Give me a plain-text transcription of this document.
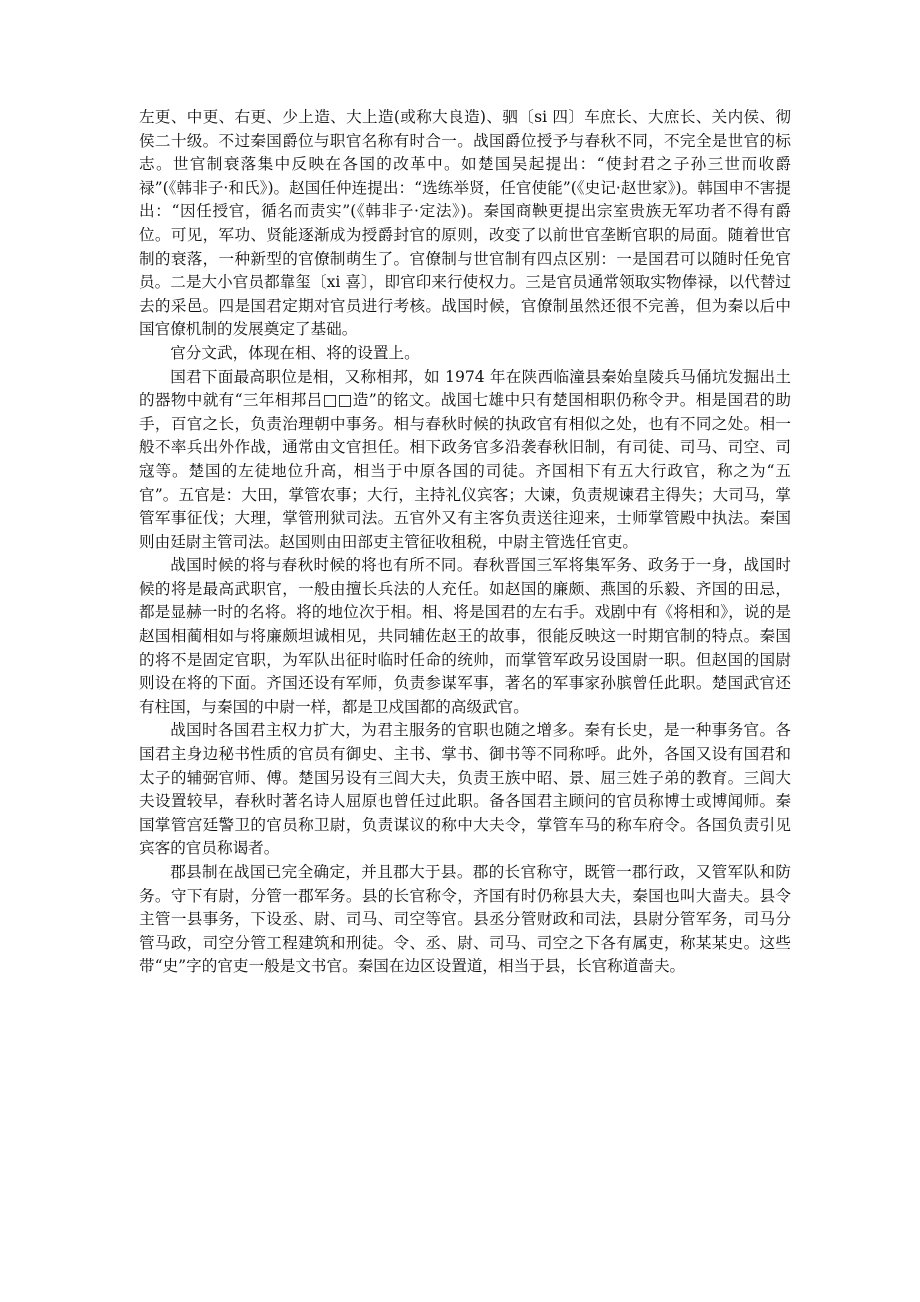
左更、中更、右更、少上造、大上造(或称大良造)、驷〔si 四〕车庶长、大庶长、关内侯、彻侯二十级。不过秦国爵位与职官名称有时合一。战国爵位授予与春秋不同，不完全是世官的标志。世官制衰落集中反映在各国的改革中。如楚国吴起提出：“使封君之子孙三世而收爵禄”(《韩非子·和氏》)。赵国任仲连提出：“选练举贤，任官使能”(《史记·赵世家》)。韩国申不害提出：“因任授官，循名而责实”(《韩非子·定法》)。秦国商鞅更提出宗室贵族无军功者不得有爵位。可见，军功、贤能逐渐成为授爵封官的原则，改变了以前世官垄断官职的局面。随着世官制的衰落，一种新型的官僚制萌生了。官僚制与世官制有四点区别：一是国君可以随时任免官员。二是大小官员都靠玺〔xi 喜〕，即官印来行使权力。三是官员通常领取实物俸禄，以代替过去的采邑。四是国君定期对官员进行考核。战国时候，官僚制虽然还很不完善，但为秦以后中国官僚机制的发展奠定了基础。

官分文武，体现在相、将的设置上。

国君下面最高职位是相，又称相邦，如 1974 年在陕西临潼县秦始皇陵兵马俑坑发掘出土的器物中就有“三年相邦吕□□造”的铭文。战国七雄中只有楚国相职仍称令尹。相是国君的助手，百官之长，负责治理朝中事务。相与春秋时候的执政官有相似之处，也有不同之处。相一般不率兵出外作战，通常由文官担任。相下政务官多沿袭春秋旧制，有司徒、司马、司空、司寇等。楚国的左徒地位升高，相当于中原各国的司徒。齐国相下有五大行政官，称之为“五官”。五官是：大田，掌管农事；大行，主持礼仪宾客；大谏，负责规谏君主得失；大司马，掌管军事征伐；大理，掌管刑狱司法。五官外又有主客负责送往迎来，士师掌管殿中执法。秦国则由廷尉主管司法。赵国则由田部吏主管征收租税，中尉主管选任官吏。

战国时候的将与春秋时候的将也有所不同。春秋晋国三军将集军务、政务于一身，战国时候的将是最高武职官，一般由擅长兵法的人充任。如赵国的廉颇、燕国的乐毅、齐国的田忌，都是显赫一时的名将。将的地位次于相。相、将是国君的左右手。戏剧中有《将相和》，说的是赵国相蔺相如与将廉颇坦诚相见，共同辅佐赵王的故事，很能反映这一时期官制的特点。秦国的将不是固定官职，为军队出征时临时任命的统帅，而掌管军政另设国尉一职。但赵国的国尉则设在将的下面。齐国还设有军师，负责参谋军事，著名的军事家孙膑曾任此职。楚国武官还有柱国，与秦国的中尉一样，都是卫戍国都的高级武官。

战国时各国君主权力扩大，为君主服务的官职也随之增多。秦有长史，是一种事务官。各国君主身边秘书性质的官员有御史、主书、掌书、御书等不同称呼。此外，各国又设有国君和太子的辅弼官师、傅。楚国另设有三闾大夫，负责王族中昭、景、屈三姓子弟的教育。三闾大夫设置较早，春秋时著名诗人屈原也曾任过此职。备各国君主顾问的官员称博士或博闻师。秦国掌管宫廷警卫的官员称卫尉，负责谋议的称中大夫令，掌管车马的称车府令。各国负责引见宾客的官员称谒者。

郡县制在战国已完全确定，并且郡大于县。郡的长官称守，既管一郡行政，又管军队和防务。守下有尉，分管一郡军务。县的长官称令，齐国有时仍称县大夫，秦国也叫大啬夫。县令主管一县事务，下设丞、尉、司马、司空等官。县丞分管财政和司法，县尉分管军务，司马分管马政，司空分管工程建筑和刑徒。令、丞、尉、司马、司空之下各有属吏，称某某史。这些带“史”字的官吏一般是文书官。秦国在边区设置道，相当于县，长官称道啬夫。
